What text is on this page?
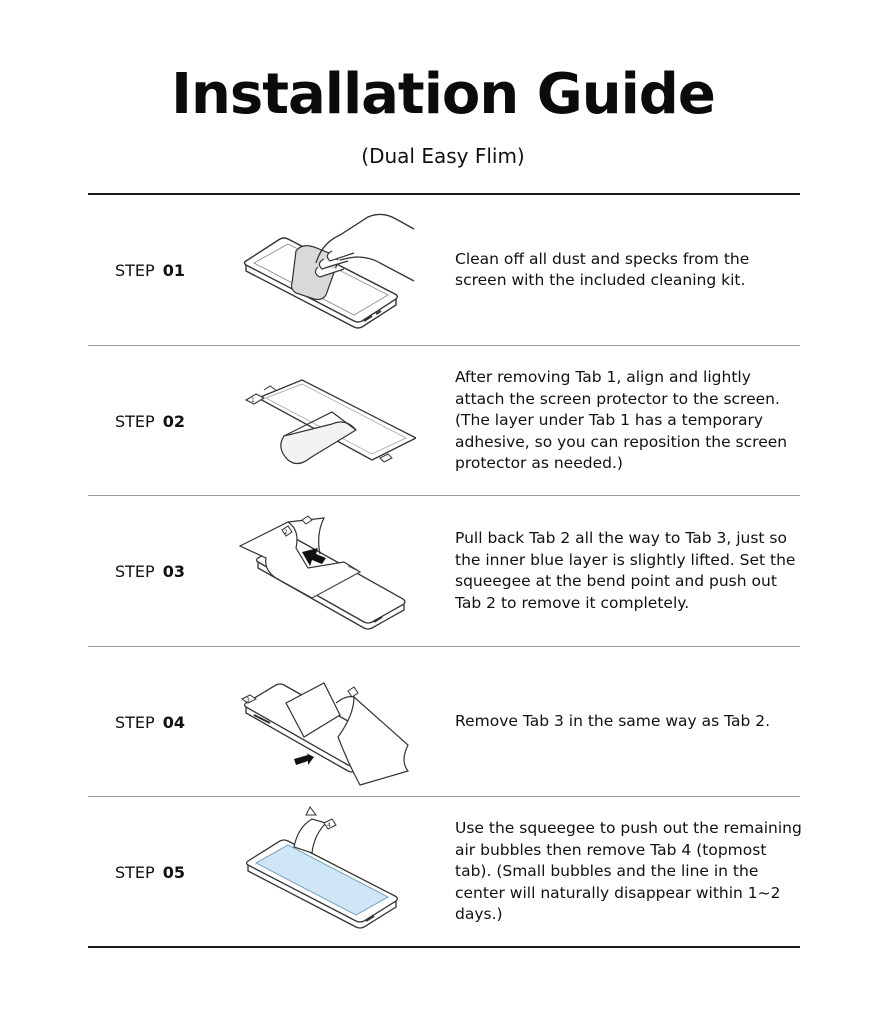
Installation Guide

(Dual Easy Flim)

STEP 01
Clean off all dust and specks from the screen with the included cleaning kit.
STEP 02
1
After removing Tab 1, align and lightly attach the screen protector to the screen. (The layer under Tab 1 has a temporary adhesive, so you can reposition the screen protector as needed.)
STEP 03
2	Pull back Tab 2 all the way to Tab 3, just so the inner blue layer is slightly lifted. Set the squeegee at the bend point and push out Tab 2 to remove it completely.
STEP 04
3
Remove Tab 3 in the same way as Tab 2.
STEP 05
4	Use the squeegee to push out the remaining air bubbles then remove Tab 4 (topmost tab). (Small bubbles and the line in the center will naturally disappear within 1~2 days.)
